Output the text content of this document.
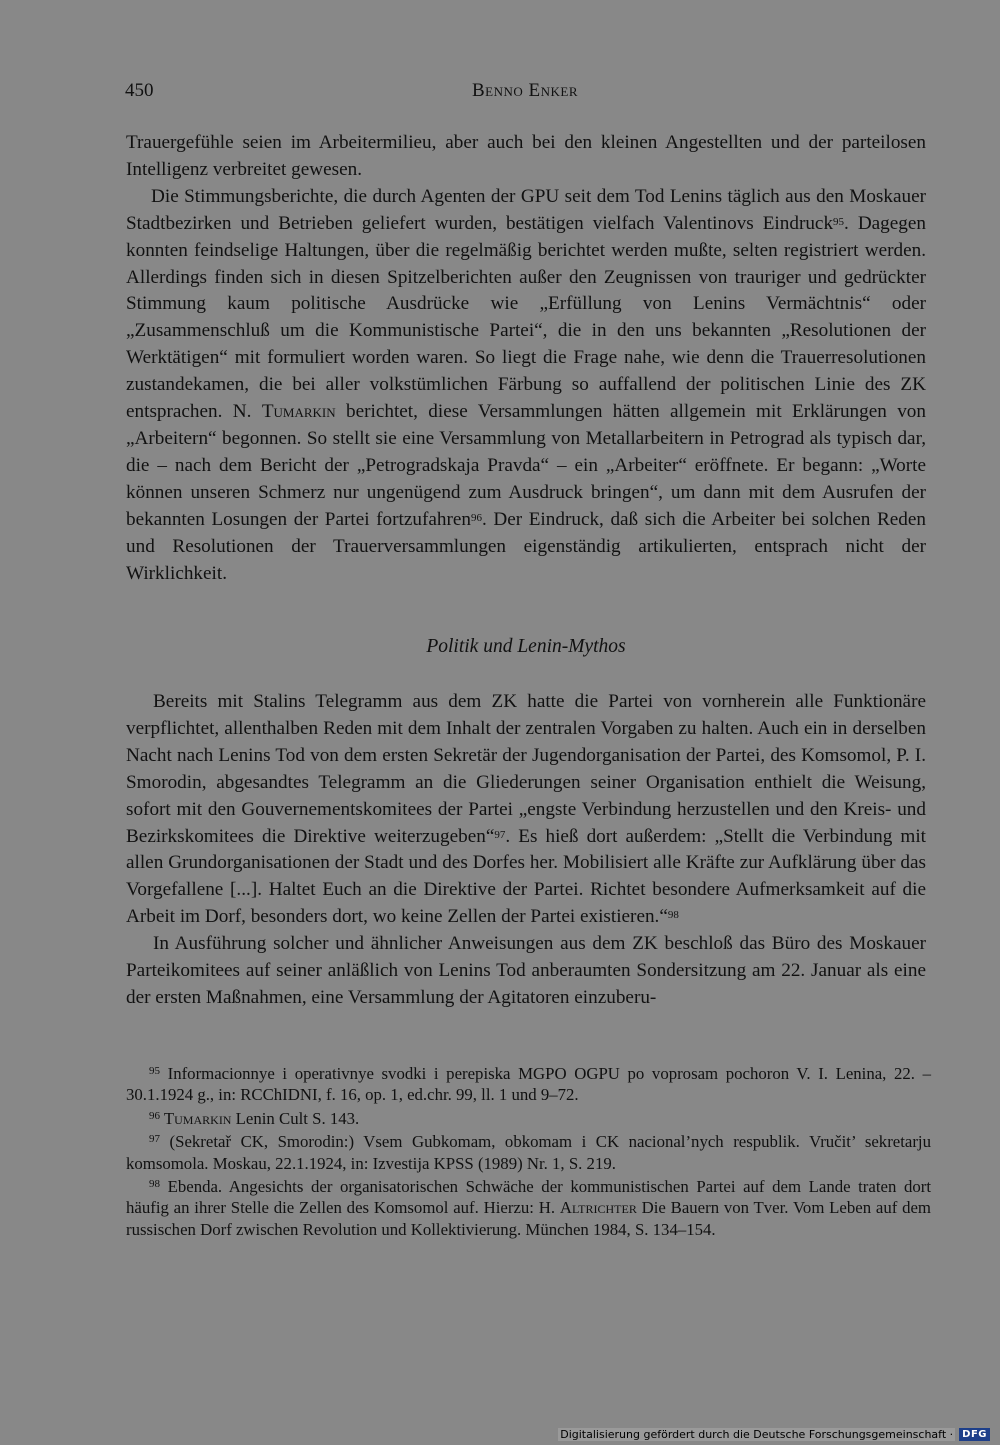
450	Benno Enker

Trauergefühle seien im Arbeitermilieu, aber auch bei den kleinen Angestellten und der parteilosen Intelligenz verbreitet gewesen.

Die Stimmungsberichte, die durch Agenten der GPU seit dem Tod Lenins täglich aus den Moskauer Stadtbezirken und Betrieben geliefert wurden, bestätigen vielfach Valentinovs Eindruck$^{95}$. Dagegen konnten feindselige Haltungen, über die regelmäßig berichtet werden mußte, selten registriert werden. Allerdings finden sich in diesen Spitzelberichten außer den Zeugnissen von trauriger und gedrückter Stimmung kaum politische Ausdrücke wie „Erfüllung von Lenins Vermächtnis“ oder „Zusammenschluß um die Kommunistische Partei“, die in den uns bekannten „Resolutionen der Werktätigen“ mit formuliert worden waren. So liegt die Frage nahe, wie denn die Trauerresolutionen zustandekamen, die bei aller volkstümlichen Färbung so auffallend der politischen Linie des ZK entsprachen. N. Tumarkin berichtet, diese Versammlungen hätten allgemein mit Erklärungen von „Arbeitern“ begonnen. So stellt sie eine Versammlung von Metallarbeitern in Petrograd als typisch dar, die – nach dem Bericht der „Petrogradskaja Pravda“ – ein „Arbeiter“ eröffnete. Er begann: „Worte können unseren Schmerz nur ungenügend zum Ausdruck bringen“, um dann mit dem Ausrufen der bekannten Losungen der Partei fortzufahren$^{96}$. Der Eindruck, daß sich die Arbeiter bei solchen Reden und Resolutionen der Trauerversammlungen eigenständig artikulierten, entsprach nicht der Wirklichkeit.

Politik und Lenin-Mythos

Bereits mit Stalins Telegramm aus dem ZK hatte die Partei von vornherein alle Funktionäre verpflichtet, allenthalben Reden mit dem Inhalt der zentralen Vorgaben zu halten. Auch ein in derselben Nacht nach Lenins Tod von dem ersten Sekretär der Jugendorganisation der Partei, des Komsomol, P. I. Smorodin, abgesandtes Telegramm an die Gliederungen seiner Organisation enthielt die Weisung, sofort mit den Gouvernementskomitees der Partei „engste Verbindung herzustellen und den Kreis- und Bezirkskomitees die Direktive weiterzugeben“$^{97}$. Es hieß dort außerdem: „Stellt die Verbindung mit allen Grundorganisationen der Stadt und des Dorfes her. Mobilisiert alle Kräfte zur Aufklärung über das Vorgefallene [...]. Haltet Euch an die Direktive der Partei. Richtet besondere Aufmerksamkeit auf die Arbeit im Dorf, besonders dort, wo keine Zellen der Partei existieren.“$^{98}$

In Ausführung solcher und ähnlicher Anweisungen aus dem ZK beschloß das Büro des Moskauer Parteikomitees auf seiner anläßlich von Lenins Tod anberaumten Sondersitzung am 22. Januar als eine der ersten Maßnahmen, eine Versammlung der Agitatoren einzuberu-

$^{95}$ Informacionnye i operativnye svodki i perepiska MGPO OGPU po voprosam pochoron V. I. Lenina, 22. – 30.1.1924 g., in: RCChIDNI, f. 16, op. 1, ed.chr. 99, ll. 1 und 9–72.

$^{96}$ Tumarkin Lenin Cult S. 143.

$^{97}$ (Sekretař CK, Smorodin:) Vsem Gubkomam, obkomam i CK nacional’nych respublik. Vručit’ sekretarju komsomola. Moskau, 22.1.1924, in: Izvestija KPSS (1989) Nr. 1, S. 219.

$^{98}$ Ebenda. Angesichts der organisatorischen Schwäche der kommunistischen Partei auf dem Lande traten dort häufig an ihrer Stelle die Zellen des Komsomol auf. Hierzu: H. Altrichter Die Bauern von Tver. Vom Leben auf dem russischen Dorf zwischen Revolution und Kollektivierung. München 1984, S. 134–154.

Digitalisierung gefördert durch die Deutsche Forschungsgemeinschaft · DFG
